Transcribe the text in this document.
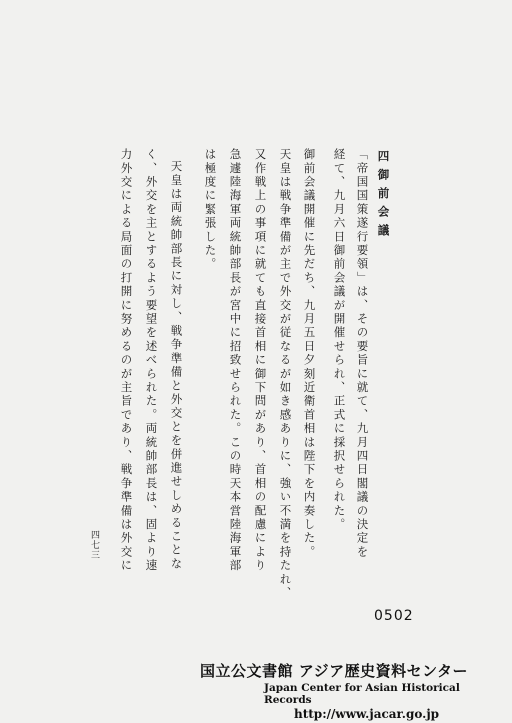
四御前会議
「帝国国策遂行要領」は、その要旨に就て、九月四日閣議の決定を
経て、九月六日御前会議が開催せられ、正式に採択せられた。
御前会議開催に先だち、九月五日夕刻近衛首相は陛下を内奏した。
天皇は戦争準備が主で外交が従なるが如き感ありに、強い不満を持たれ、
又作戦上の事項に就ても直接首相に御下問があり、首相の配慮により
急遽陸海軍両統帥部長が宮中に招致せられた。この時天本営陸海軍部
は極度に緊張した。
天皇は両統帥部長に対し、戦争準備と外交とを併進せしめることな
く、外交を主とするよう要望を述べられた。両統帥部長は、固より速
力外交による局面の打開に努めるのが主旨であり、戦争準備は外交に
四七三
0502
国立公文書館 アジア歴史資料センター
Japan Center for Asian Historical Records
http://www.jacar.go.jp
